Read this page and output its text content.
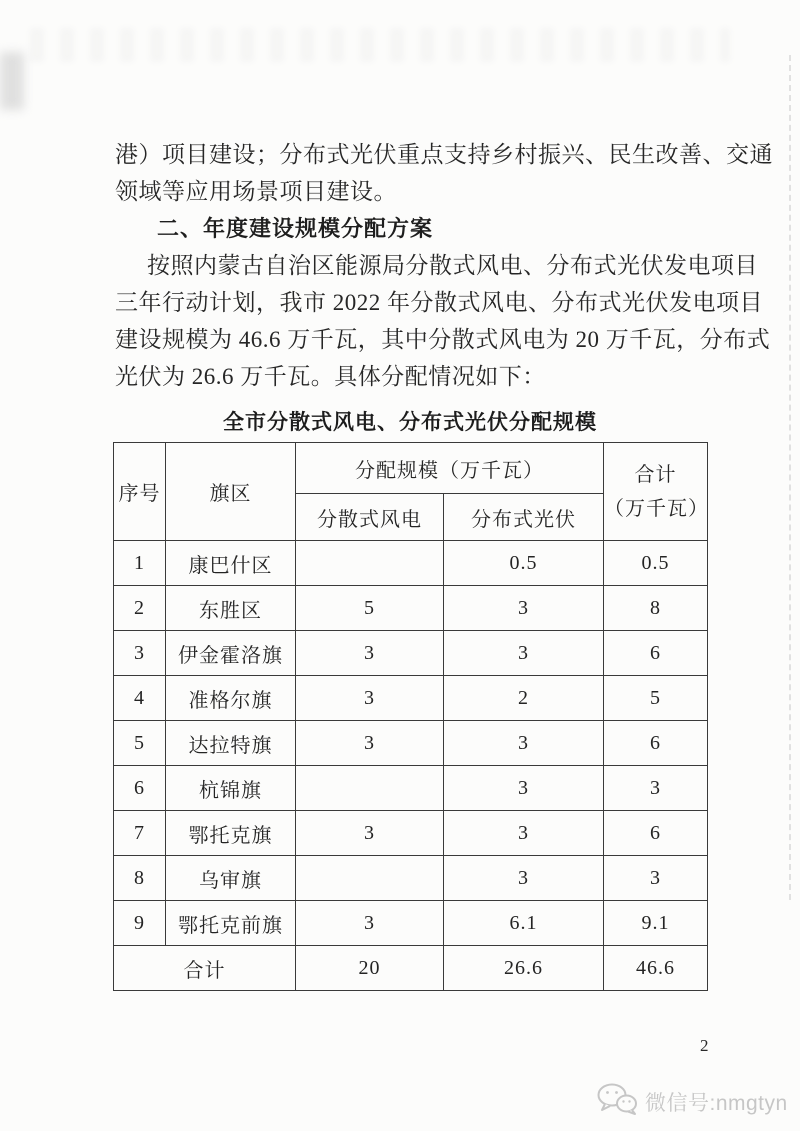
港）项目建设；分布式光伏重点支持乡村振兴、民生改善、交通
领域等应用场景项目建设。
二、年度建设规模分配方案
按照内蒙古自治区能源局分散式风电、分布式光伏发电项目
三年行动计划，我市 2022 年分散式风电、分布式光伏发电项目
建设规模为 46.6 万千瓦，其中分散式风电为 20 万千瓦，分布式
光伏为 26.6 万千瓦。具体分配情况如下：
全市分散式风电、分布式光伏分配规模
序号	旗区	分配规模（万千瓦）		合计
（万千瓦）

		分散式风电	分布式光伏	
1	康巴什区		0.5	0.5
2	东胜区	5	3	8
3	伊金霍洛旗	3	3	6
4	准格尔旗	3	2	5
5	达拉特旗	3	3	6
6	杭锦旗		3	3
7	鄂托克旗	3	3	6
8	乌审旗		3	3
9	鄂托克前旗	3	6.1	9.1
合计		20	26.6	46.6
2
微信号:nmgtyn
